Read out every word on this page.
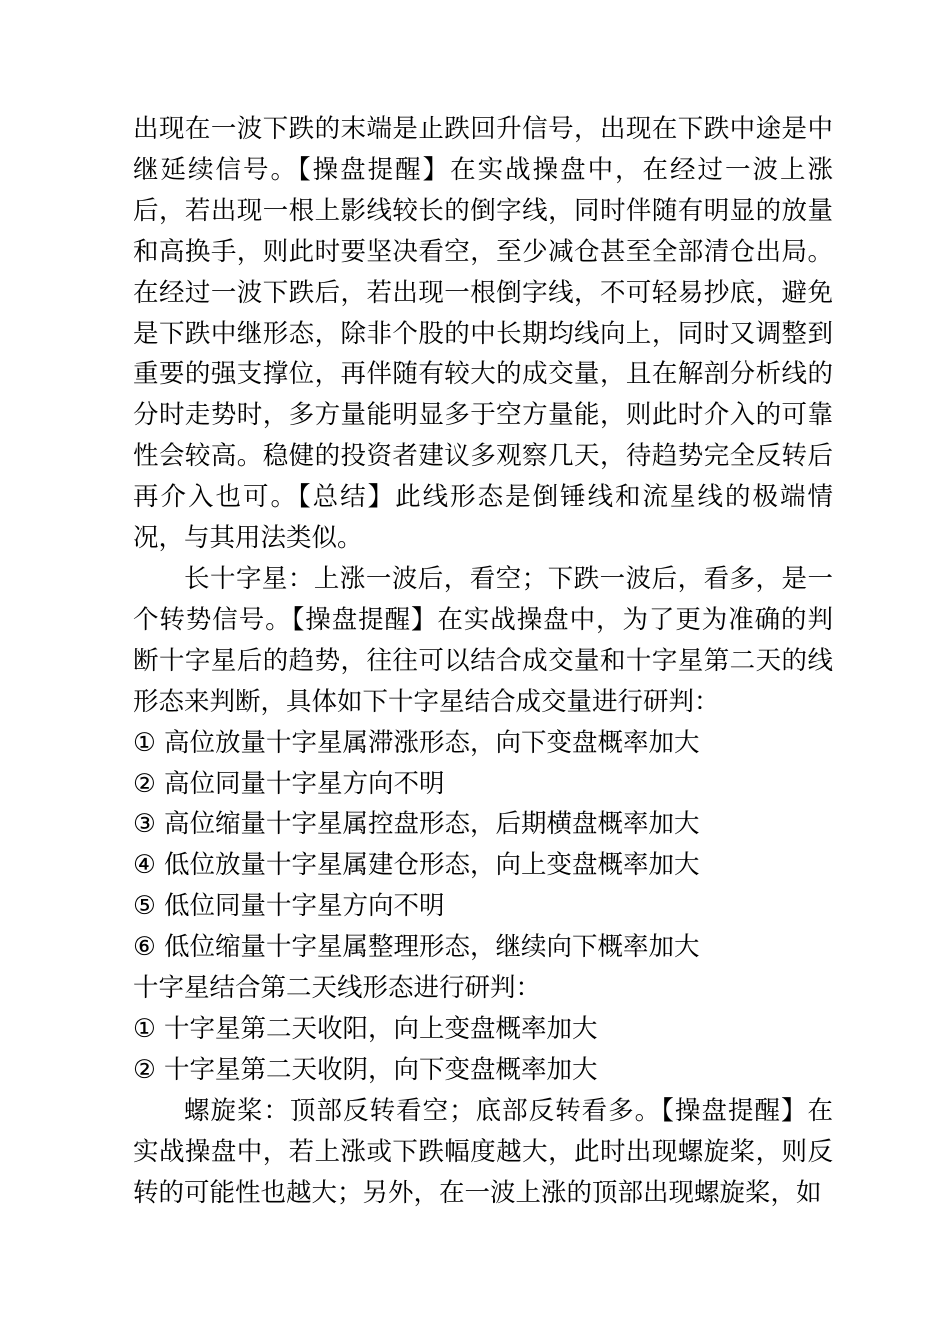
出现在一波下跌的末端是止跌回升信号，出现在下跌中途是中继延续信号。【操盘提醒】在实战操盘中，在经过一波上涨后，若出现一根上影线较长的倒字线，同时伴随有明显的放量和高换手，则此时要坚决看空，至少减仓甚至全部清仓出局。在经过一波下跌后，若出现一根倒字线，不可轻易抄底，避免是下跌中继形态，除非个股的中长期均线向上，同时又调整到重要的强支撑位，再伴随有较大的成交量，且在解剖分析线的分时走势时，多方量能明显多于空方量能，则此时介入的可靠性会较高。稳健的投资者建议多观察几天，待趋势完全反转后再介入也可。【总结】此线形态是倒锤线和流星线的极端情况，与其用法类似。

长十字星：上涨一波后，看空；下跌一波后，看多，是一个转势信号。【操盘提醒】在实战操盘中，为了更为准确的判断十字星后的趋势，往往可以结合成交量和十字星第二天的线形态来判断，具体如下十字星结合成交量进行研判：

① 高位放量十字星属滞涨形态，向下变盘概率加大
② 高位同量十字星方向不明
③ 高位缩量十字星属控盘形态，后期横盘概率加大
④ 低位放量十字星属建仓形态，向上变盘概率加大
⑤ 低位同量十字星方向不明
⑥ 低位缩量十字星属整理形态，继续向下概率加大
十字星结合第二天线形态进行研判：
① 十字星第二天收阳，向上变盘概率加大
② 十字星第二天收阴，向下变盘概率加大

螺旋桨：顶部反转看空；底部反转看多。【操盘提醒】在实战操盘中，若上涨或下跌幅度越大，此时出现螺旋桨，则反转的可能性也越大；另外，在一波上涨的顶部出现螺旋桨，如
